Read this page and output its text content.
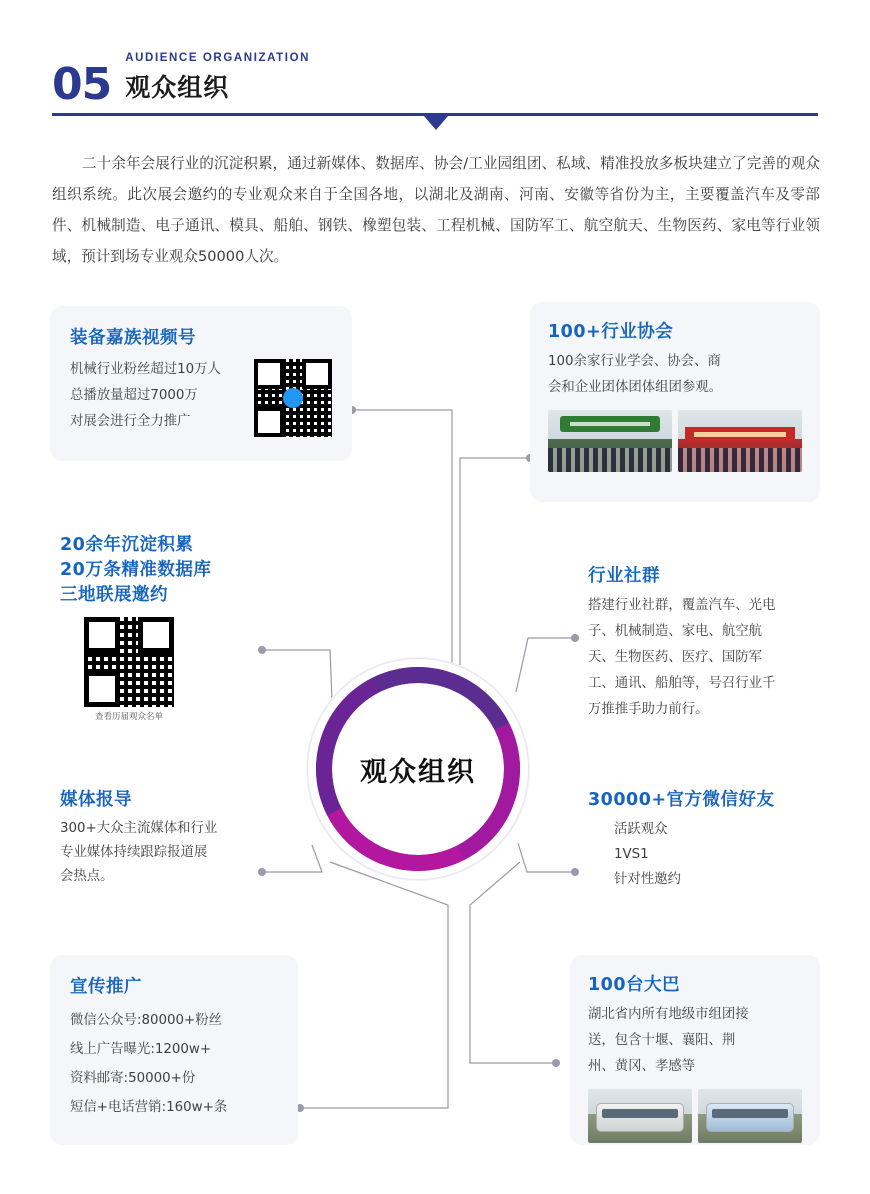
05
AUDIENCE ORGANIZATION
观众组织
二十余年会展行业的沉淀积累，通过新媒体、数据库、协会/工业园组团、私域、精准投放多板块建立了完善的观众组织系统。此次展会邀约的专业观众来自于全国各地，以湖北及湖南、河南、安徽等省份为主，主要覆盖汽车及零部件、机械制造、电子通讯、模具、船舶、钢铁、橡塑包装、工程机械、国防军工、航空航天、生物医药、家电等行业领域，预计到场专业观众50000人次。
观众组织
装备嘉族视频号
机械行业粉丝超过10万人
总播放量超过7000万
对展会进行全力推广
100+行业协会
100余家行业学会、协会、商
会和企业团体团体组团参观。
20余年沉淀积累
20万条精准数据库
三地联展邀约
查看历届观众名单
行业社群
搭建行业社群，覆盖汽车、光电
子、机械制造、家电、航空航
天、生物医药、医疗、国防军
工、通讯、船舶等，号召行业千
万推推手助力前行。
媒体报导
300+大众主流媒体和行业
专业媒体持续跟踪报道展
会热点。
30000+官方微信好友
活跃观众
1VS1
针对性邀约
宣传推广
微信公众号:80000+粉丝
线上广告曝光:1200w+
资料邮寄:50000+份
短信+电话营销:160w+条
100台大巴
湖北省内所有地级市组团接
送，包含十堰、襄阳、荆
州、黄冈、孝感等
